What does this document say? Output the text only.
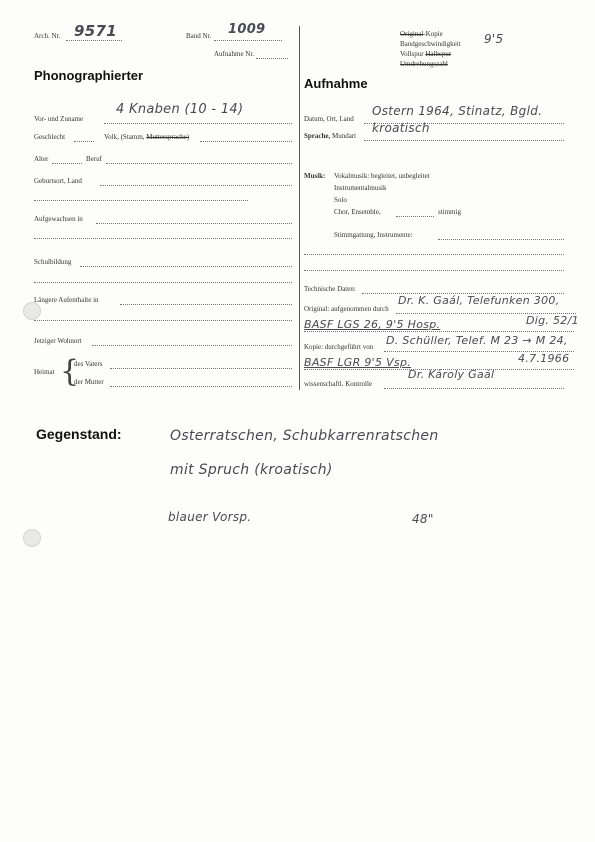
Arch. Nr. 9571	Band Nr. 1009
Aufnahme Nr.
Original-Kopie
Bandgeschwindigkeit 9'5
Vollspur Halbspur
Umdrehungszahl
Phonographierter
Vor- und Zuname
4 Knaben (10 - 14)
Geschlecht	Volk, (Stamm, Muttersprache)
Alter	Beruf
Geburtsort, Land
Aufgewachsen in
Schulbildung
Längere Aufenthalte in
Jetziger Wohnort
Heimat {
des Vaters
der Mutter
Aufnahme
Datum, Ort, Land
Ostern 1964, Stinatz, Bgld.
Sprache, Mundart
kroatisch
Musik: Vokalmusik: begleitet, unbegleitet
Instrumentalmusik
Solo
Chor, Ensemble,	stimmig
Stimmgattung, Instrumente:
Technische Daten:
Original: aufgenommen durch
Dr. K. Gaál, Telefunken 300,
BASF LGS 26, 9'5 Hosp.	Dig. 52/1
Kopie: durchgeführt von D. Schüller, Telef. M 23 → M 24,
BASF LGR 9'5 Vsp.	4.7.1966
wissenschaftl. Kontrolle
Dr. Károly Gaál
Gegenstand:	Osterratschen, Schubkarrenratschen
mit Spruch (kroatisch)
blauer Vorsp.	48"
